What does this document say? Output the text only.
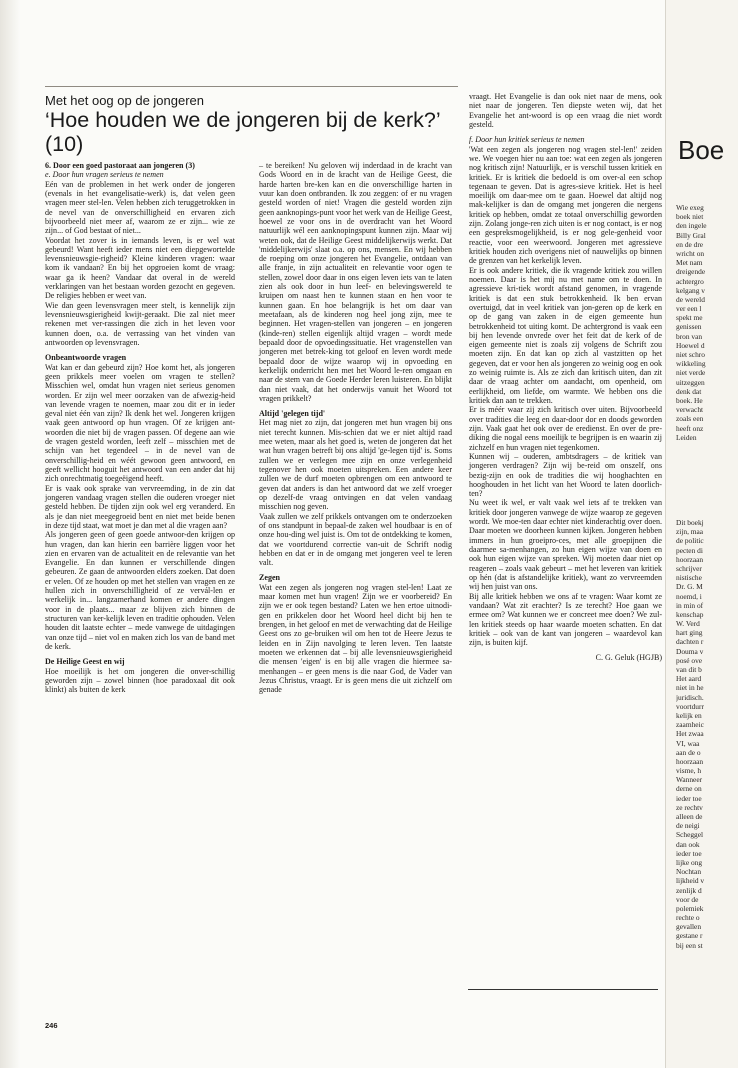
Met het oog op de jongeren
‘Hoe houden we de jongeren bij de kerk?’ (10)
6. Door een goed pastoraat aan jongeren (3)

e. Door hun vragen serieus te nemen

Eén van de problemen in het werk onder de jongeren (evenals in het evangelisatie-werk) is, dat velen geen vragen meer stel-len. Velen hebben zich teruggetrokken in de nevel van de onverschilligheid en ervaren zich bijvoorbeeld niet meer af, waarom ze er zijn... wie ze zijn... of God bestaat of niet...

Voordat het zover is in iemands leven, is er wel wat gebeurd! Want heeft ieder mens niet een diepgewortelde levensnieuwsgie-righeid? Kleine kinderen vragen: waar kom ik vandaan? En bij het opgroeien komt de vraag: waar ga ik heen? Vandaar dat overal in de wereld verklaringen van het bestaan worden gezocht en gegeven. De religies hebben er weet van.

Wie dan geen levensvragen meer stelt, is kennelijk zijn levensnieuwsgierigheid kwijt-geraakt. Die zal niet meer rekenen met ver-rassingen die zich in het leven voor kunnen doen, o.a. de verrassing van het vinden van antwoorden op levensvragen.

Onbeantwoorde vragen

Wat kan er dan gebeurd zijn? Hoe komt het, als jongeren geen prikkels meer voelen om vragen te stellen? Misschien wel, omdat hun vragen niet serieus genomen worden. Er zijn wel meer oorzaken van de afwezig-heid van levende vragen te noemen, maar zou dit er in ieder geval niet één van zijn? Ik denk het wel. Jongeren krijgen vaak geen antwoord op hun vragen. Of ze krijgen ant-woorden die niet bij de vragen passen. Of degene aan wie de vragen gesteld worden, leeft zelf – misschien met de schijn van het tegendeel – in de nevel van de onverschillig-heid en wéét gewoon geen antwoord, en geeft wellicht hooguit het antwoord van een ander dat hij zich onrechtmatig toegeëigend heeft.

Er is vaak ook sprake van vervreemding, in de zin dat jongeren vandaag vragen stellen die ouderen vroeger niet gesteld hebben. De tijden zijn ook wel erg veranderd. En als je dan niet meegegroeid bent en niet met beide benen in deze tijd staat, wat moet je dan met al die vragen aan?

Als jongeren geen of geen goede antwoor-den krijgen op hun vragen, dan kan hierin een barrière liggen voor het zien en ervaren van de actualiteit en de relevantie van het Evangelie. En dan kunnen er verschillende dingen gebeuren. Ze gaan de antwoorden elders zoeken. Dat doen er velen. Of ze houden op met het stellen van vragen en ze hullen zich in onverschilligheid of ze vervál-len er werkelijk in... langzamerhand komen er andere dingen voor in de plaats... maar ze blijven zich binnen de structuren van ker-kelijk leven en traditie ophouden. Velen houden dit laatste echter – mede vanwege de uitdagingen van onze tijd – niet vol en maken zich los van de band met de kerk.

De Heilige Geest en wij

Hoe moeilijk is het om jongeren die onver-schillig geworden zijn – zowel binnen (hoe paradoxaal dit ook klinkt) als buiten de kerk

– te bereiken! Nu geloven wij inderdaad in de kracht van Gods Woord en in de kracht van de Heilige Geest, die harde harten bre-ken kan en die onverschillige harten in vuur kan doen ontbranden. Ik zou zeggen: of er nu vragen gesteld worden of niet! Vragen die gesteld worden zijn geen aanknopings-punt voor het werk van de Heilige Geest, hoewel ze voor ons in de overdracht van het Woord natuurlijk wél een aanknopingspunt kunnen zijn. Maar wij weten ook, dat de Heilige Geest middelijkerwijs werkt. Dat 'middelijkerwijs' slaat o.a. op ons, mensen. En wij hebben de roeping om onze jongeren het Evangelie, ontdaan van alle franje, in zijn actualiteit en relevantie voor ogen te stellen, zowel door daar in ons eigen leven iets van te laten zien als ook door in hun leef- en belevingswereld te kruipen om naast hen te kunnen staan en hen voor te kunnen gaan. En hoe belangrijk is het om daar van meetafaan, als de kinderen nog heel jong zijn, mee te beginnen. Het vragen-stellen van jongeren – en jongeren (kinde-ren) stellen eigenlijk altijd vragen – wordt mede bepaald door de opvoedingssituatie. Het vragenstellen van jongeren met betrek-king tot geloof en leven wordt mede bepaald door de wijze waarop wij in opvoeding en kerkelijk onderricht hen met het Woord le-ren omgaan en naar de stem van de Goede Herder leren luisteren. En blijkt dan niet vaak, dat het onderwijs vanuit het Woord tot vragen prikkelt?

Altijd 'gelegen tijd'

Het mag niet zo zijn, dat jongeren met hun vragen bij ons niet terecht kunnen. Mis-schien dat we er niet altijd raad mee weten, maar als het goed is, weten de jongeren dat het wat hun vragen betreft bij ons altijd 'ge-legen tijd' is. Soms zullen we er verlegen mee zijn en onze verlegenheid tegenover hen ook moeten uitspreken. Een andere keer zullen we de durf moeten opbrengen om een antwoord te geven dat anders is dan het antwoord dat we zelf vroeger op dezelf-de vraag ontvingen en dat velen vandaag misschien nog geven.

Vaak zullen we zelf prikkels ontvangen om te onderzoeken of ons standpunt in bepaal-de zaken wel houdbaar is en of onze hou-ding wel juist is. Om tot de ontdekking te komen, dat we voortdurend correctie van-uit de Schrift nodig hebben en dat er in de omgang met jongeren veel te leren valt.

Zegen

Wat een zegen als jongeren nog vragen stel-len! Laat ze maar komen met hun vragen! Zijn we er voorbereid? En zijn we er ook tegen bestand? Laten we hen ertoe uitnodi-gen en prikkelen door het Woord heel dicht bij hen te brengen, in het geloof en met de verwachting dat de Heilige Geest ons zo ge-bruiken wil om hen tot de Heere Jezus te leiden en in Zijn navolging te leren leven. Ten laatste moeten we erkennen dat – bij alle levensnieuwsgierigheid die mensen 'eigen' is en bij alle vragen die hiermee sa-menhangen – er geen mens is die naar God, de Vader van Jezus Christus, vraagt. Er is geen mens die uit zichzelf om genade

vraagt. Het Evangelie is dan ook niet naar de mens, ook niet naar de jongeren. Ten diepste weten wij, dat het Evangelie het ant-woord is op een vraag die niet wordt gesteld.

f. Door hun kritiek serieus te nemen

'Wat een zegen als jongeren nog vragen stel-len!' zeiden we. We voegen hier nu aan toe: wat een zegen als jongeren nog kritisch zijn! Natuurlijk, er is verschil tussen kritiek en kritiek. Er is kritiek die bedoeld is om over-al een schop tegenaan te geven. Dat is agres-sieve kritiek. Het is heel moeilijk om daar-mee om te gaan. Hoewel dat altijd nog mak-kelijker is dan de omgang met jongeren die nergens kritiek op hebben, omdat ze totaal onverschillig geworden zijn. Zolang jonge-ren zich uiten is er nog contact, is er nog een gespreksmogelijkheid, is er nog gele-genheid voor reactie, voor een weerwoord. Jongeren met agressieve kritiek houden zich overigens niet of nauwelijks op binnen de grenzen van het kerkelijk leven.

Er is ook andere kritiek, die ik vragende kritiek zou willen noemen. Daar is het mij nu met name om te doen. In agressieve kri-tiek wordt afstand genomen, in vragende kritiek is dat een stuk betrokkenheid. Ik ben ervan overtuigd, dat in veel kritiek van jon-geren op de kerk en op de gang van zaken in de eigen gemeente hun betrokkenheid tot uiting komt. De achtergrond is vaak een bij hen levende onvrede over het feit dat de kerk of de eigen gemeente niet is zoals zij volgens de Schrift zou moeten zijn. En dat kan op zich al vastzitten op het gegeven, dat er voor hen als jongeren zo weinig oog en ook zo weinig ruimte is. Als ze zich dan kritisch uiten, dan zit daar de vraag achter om aandacht, om openheid, om eerlijkheid, om liefde, om warmte. We hebben ons die kritiek dan aan te trekken.

Er is méér waar zij zich kritisch over uiten. Bijvoorbeeld over tradities die leeg en daar-door dor en doods geworden zijn. Vaak gaat het ook over de eredienst. En over de pre-diking die nogal eens moeilijk te begrijpen is en waarin zij zichzelf en hun vragen niet tegenkomen.

Kunnen wij – ouderen, ambtsdragers – de kritiek van jongeren verdragen? Zijn wij be-reid om onszelf, ons bezig-zijn en ook de tradities die wij hooghachten en hooghouden in het licht van het Woord te laten doorlich-ten?

Nu weet ik wel, er valt vaak wel iets af te trekken van kritiek door jongeren vanwege de wijze waarop ze gegeven wordt. We moe-ten daar echter niet kinderachtig over doen. Daar moeten we doorheen kunnen kijken. Jongeren hebben immers in hun groeipro-ces, met alle groepijnen die daarmee sa-menhangen, zo hun eigen wijze van doen en ook hun eigen wijze van spreken. Wij moeten daar niet op reageren – zoals vaak gebeurt – met het leveren van kritiek op hén (dat is afstandelijke kritiek), want zo vervreemden wij hen juist van ons.

Bij alle kritiek hebben we ons af te vragen: Waar komt ze vandaan? Wat zit erachter? Is ze terecht? Hoe gaan we ermee om? Wat kunnen we er concreet mee doen? We zul-len kritiek steeds op haar waarde moeten schatten. En dat kritiek – ook van de kant van jongeren – waardevol kan zijn, is buiten kijf.

C. G. Geluk (HGJB)

246
Boe
Wie exeg
boek niet
den ingele
Billy Gral
en de dre
wricht on
Met nam
dreigende
achtergro
kelgang v
de wereld
ver een l
spekt me
genissen
bron van
Hoewel d
niet schro
wikkeling
niet verde
uitzeggen
denk dat
boek. He
verwacht
zoals een
heeft onz
Leiden
Dit boekj
zijn, maa
de politic
pecten di
hoorzaan
schrijver
nistische
Dr. G. M
noemd, i
in min of
kenschap
W. Verd
hart ging
dachten r
Douma v
posé ove
van dit b
Het aard
niet in he
juridisch.
voortdurr
kelijk en
zaamheic
Het zwaa
VI, waa
aan de o
hoorzaan
visme, h
Wanneer
derne on
ieder toe
ze rechtv
alleen de
de neigi
Scheggel
dan ook
ieder toe
lijke ong
Nochtan
lijkheid v
zenlijk d
voor de
polemiek
rechte o
gevallen
gestane r
bij een st
